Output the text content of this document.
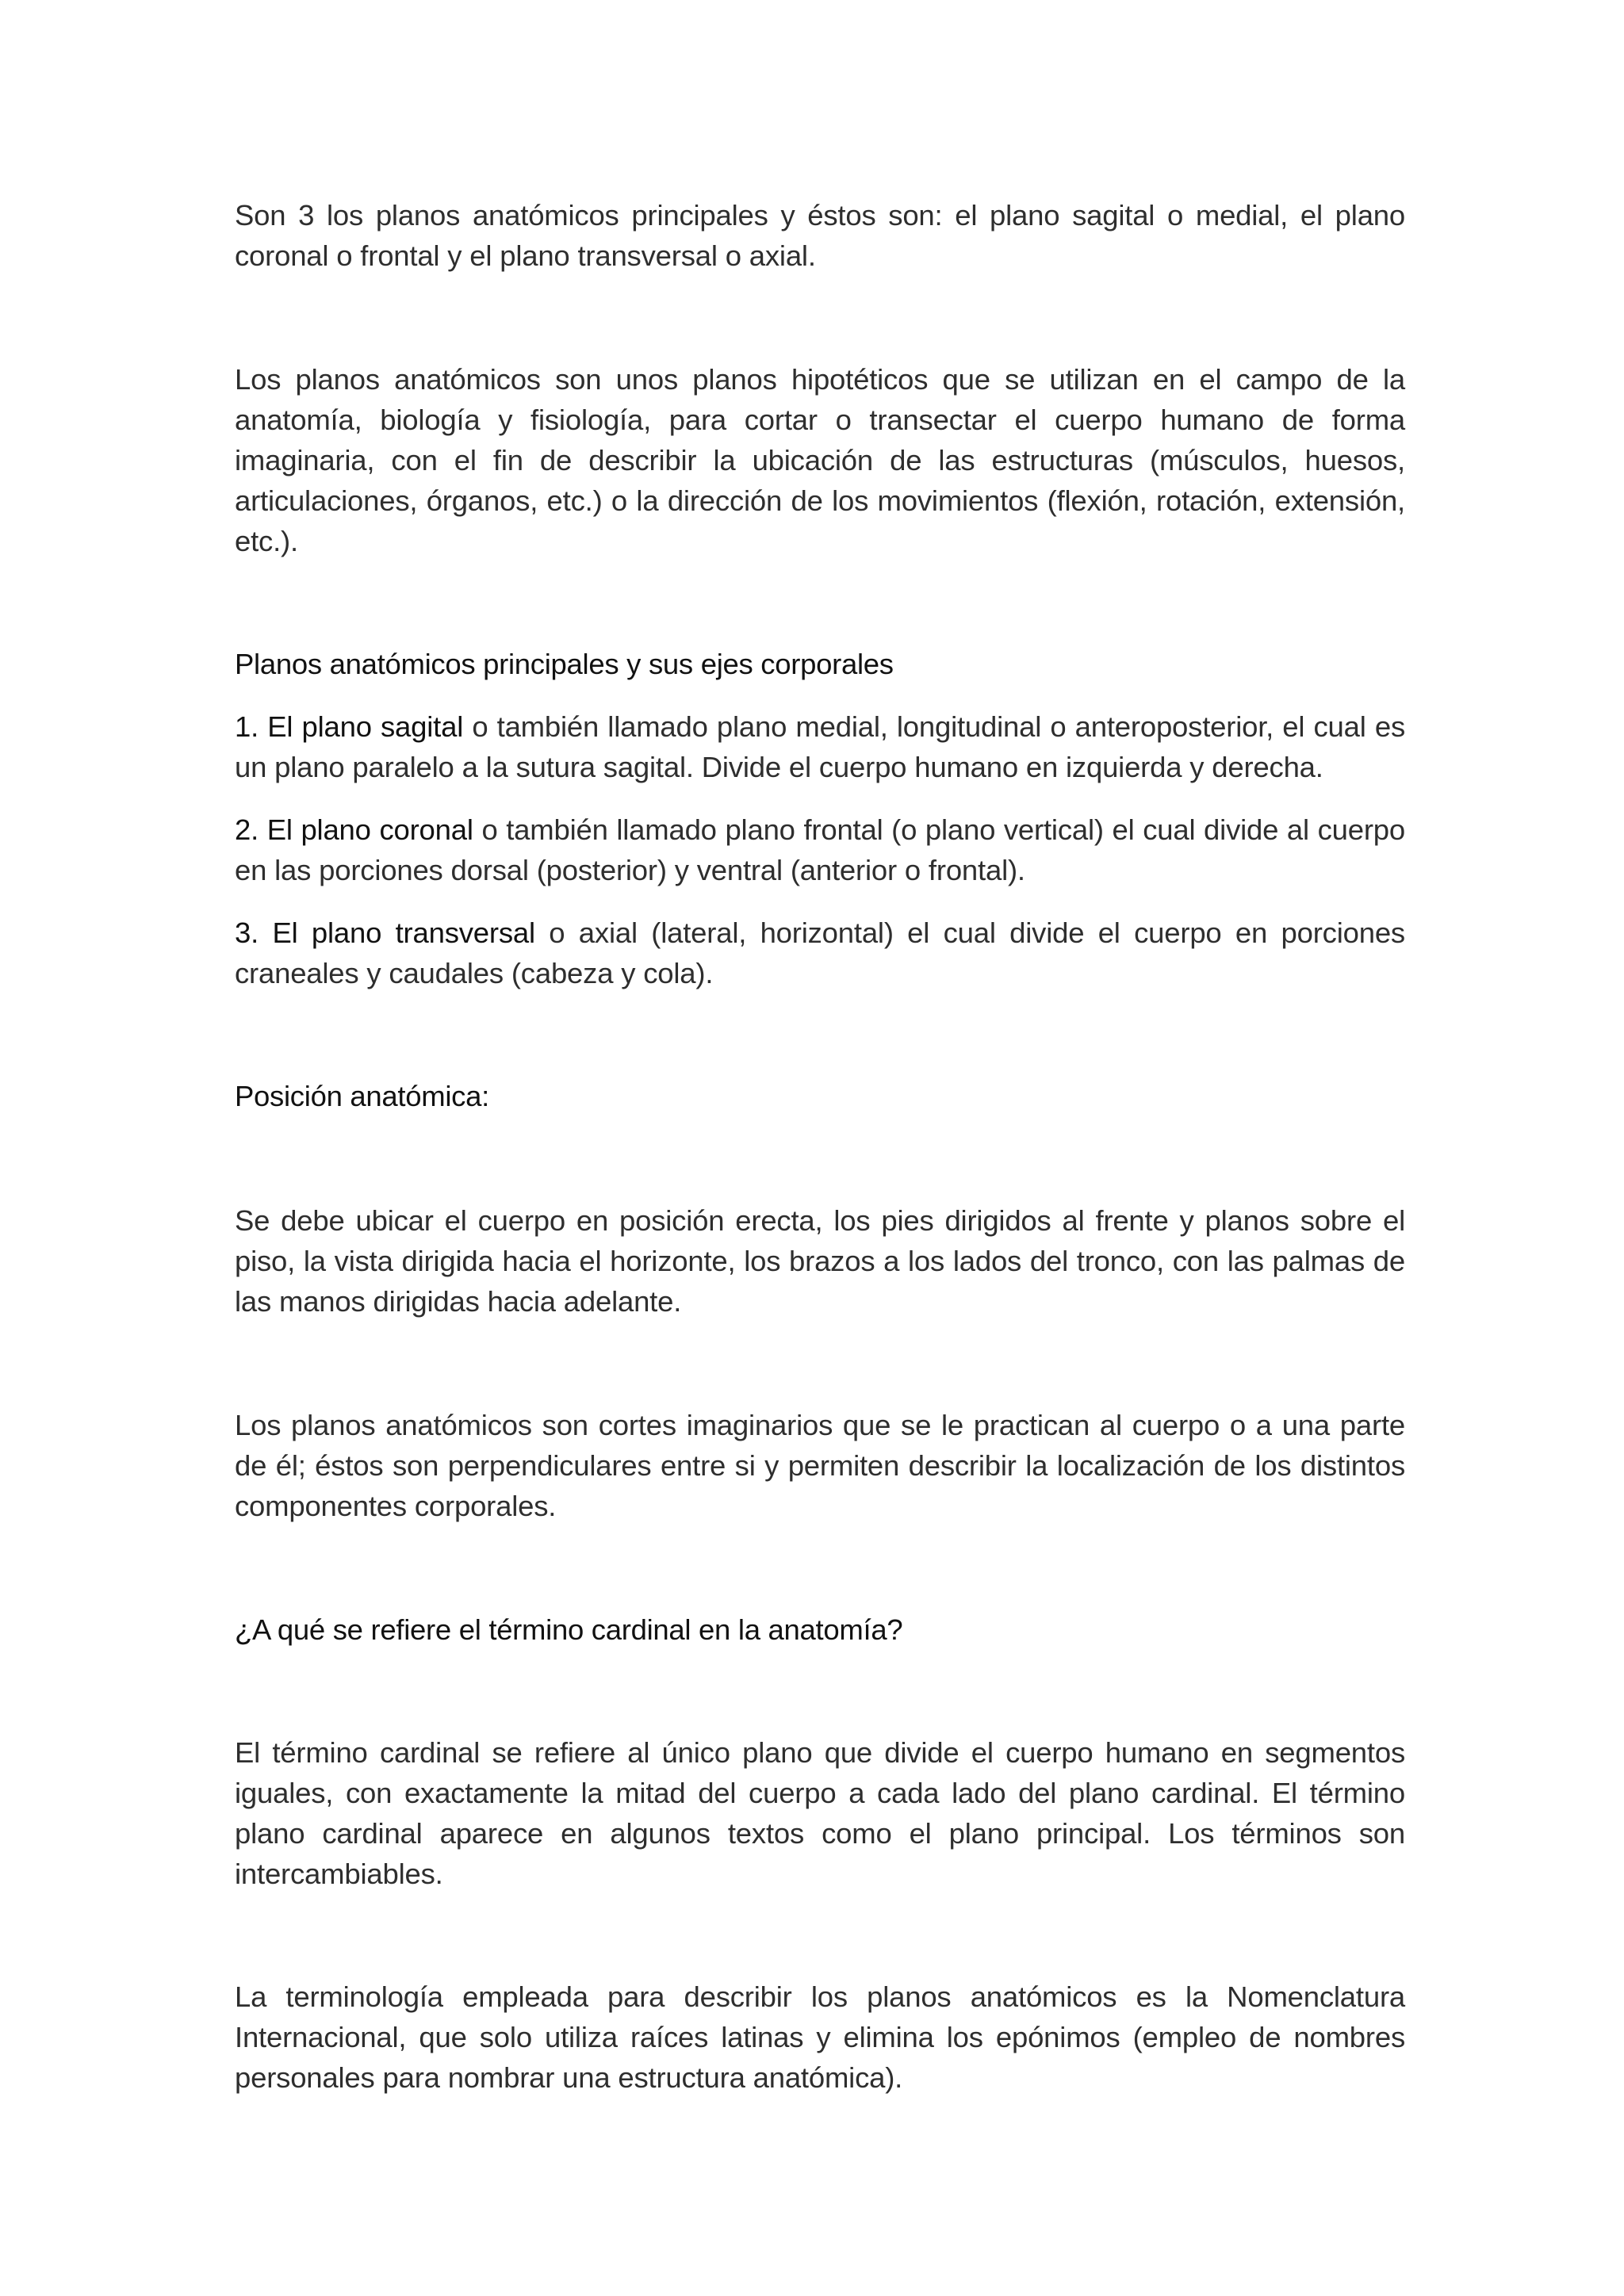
Son 3 los planos anatómicos principales y éstos son: el plano sagital o medial, el plano coronal o frontal y el plano transversal o axial.

Los planos anatómicos son unos planos hipotéticos que se utilizan en el campo de la anatomía, biología y fisiología, para cortar o transectar el cuerpo humano de forma imaginaria, con el fin de describir la ubicación de las estructuras (músculos, huesos, articulaciones, órganos, etc.) o la dirección de los movimientos (flexión, rotación, extensión, etc.).

Planos anatómicos principales y sus ejes corporales

1. El plano sagital o también llamado plano medial, longitudinal o anteroposterior, el cual es un plano paralelo a la sutura sagital. Divide el cuerpo humano en izquierda y derecha.

2. El plano coronal o también llamado plano frontal (o plano vertical) el cual divide al cuerpo en las porciones dorsal (posterior) y ventral (anterior o frontal).

3. El plano transversal o axial (lateral, horizontal) el cual divide el cuerpo en porciones craneales y caudales (cabeza y cola).

Posición anatómica:

Se debe ubicar el cuerpo en posición erecta, los pies dirigidos al frente y planos sobre el piso, la vista dirigida hacia el horizonte, los brazos a los lados del tronco, con las palmas de las manos dirigidas hacia adelante.

Los planos anatómicos son cortes imaginarios que se le practican al cuerpo o a una parte de él; éstos son perpendiculares entre si y permiten describir la localización de los distintos componentes corporales.

¿A qué se refiere el término cardinal en la anatomía?

El término cardinal se refiere al único plano que divide el cuerpo humano en segmentos iguales, con exactamente la mitad del cuerpo a cada lado del plano cardinal. El término plano cardinal aparece en algunos textos como el plano principal. Los términos son intercambiables.

La terminología empleada para describir los planos anatómicos es la Nomenclatura Internacional, que solo utiliza raíces latinas y elimina los epónimos (empleo de nombres personales para nombrar una estructura anatómica).
